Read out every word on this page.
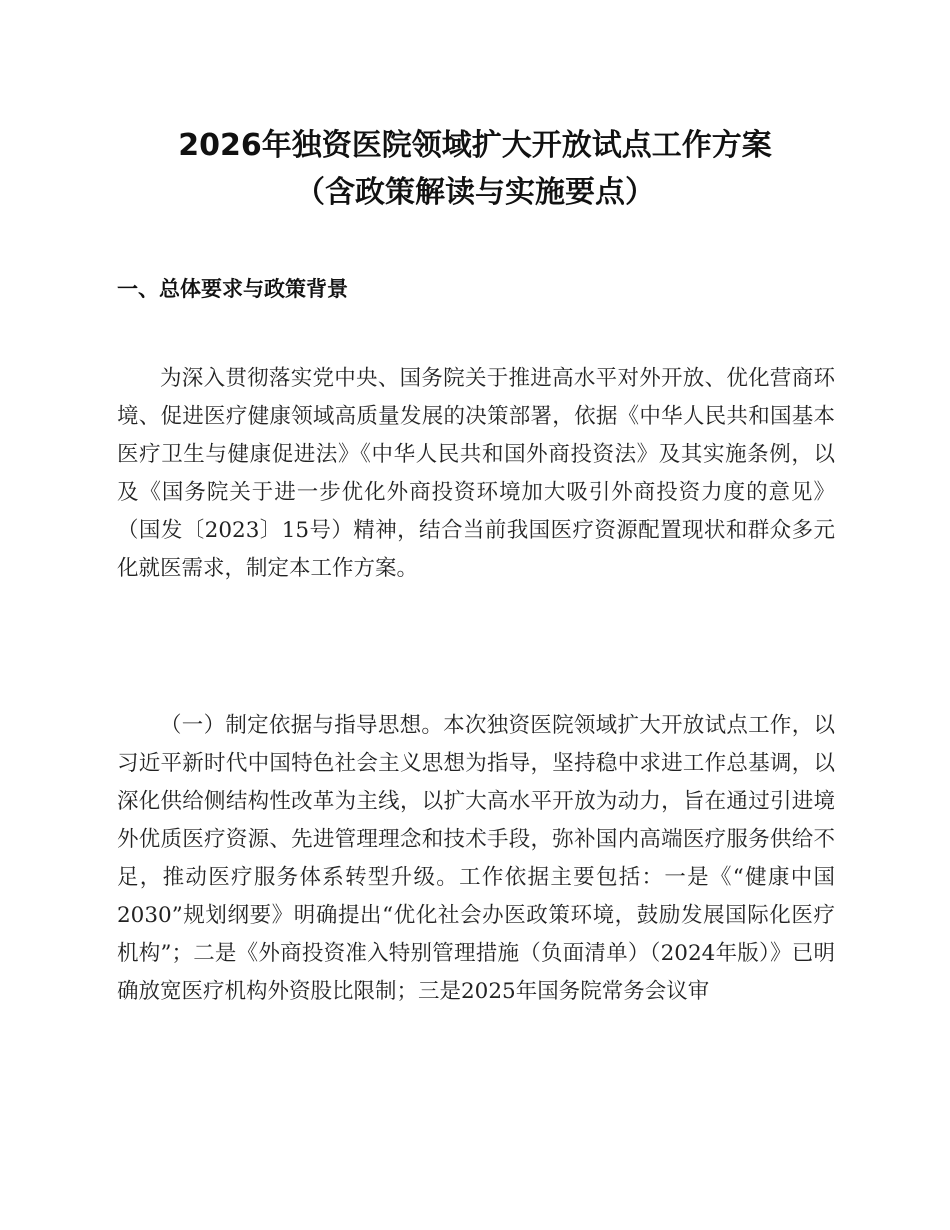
2026年独资医院领域扩大开放试点工作方案
（含政策解读与实施要点）
一、总体要求与政策背景
为深入贯彻落实党中央、国务院关于推进高水平对外开放、优化营商环境、促进医疗健康领域高质量发展的决策部署，依据《中华人民共和国基本医疗卫生与健康促进法》《中华人民共和国外商投资法》及其实施条例，以及《国务院关于进一步优化外商投资环境加大吸引外商投资力度的意见》（国发〔2023〕15号）精神，结合当前我国医疗资源配置现状和群众多元化就医需求，制定本工作方案。
（一）制定依据与指导思想。本次独资医院领域扩大开放试点工作，以习近平新时代中国特色社会主义思想为指导，坚持稳中求进工作总基调，以深化供给侧结构性改革为主线，以扩大高水平开放为动力，旨在通过引进境外优质医疗资源、先进管理理念和技术手段，弥补国内高端医疗服务供给不足，推动医疗服务体系转型升级。工作依据主要包括：一是《“健康中国2030”规划纲要》明确提出“优化社会办医政策环境，鼓励发展国际化医疗机构”；二是《外商投资准入特别管理措施（负面清单）（2024年版）》已明确放宽医疗机构外资股比限制；三是2025年国务院常务会议审
